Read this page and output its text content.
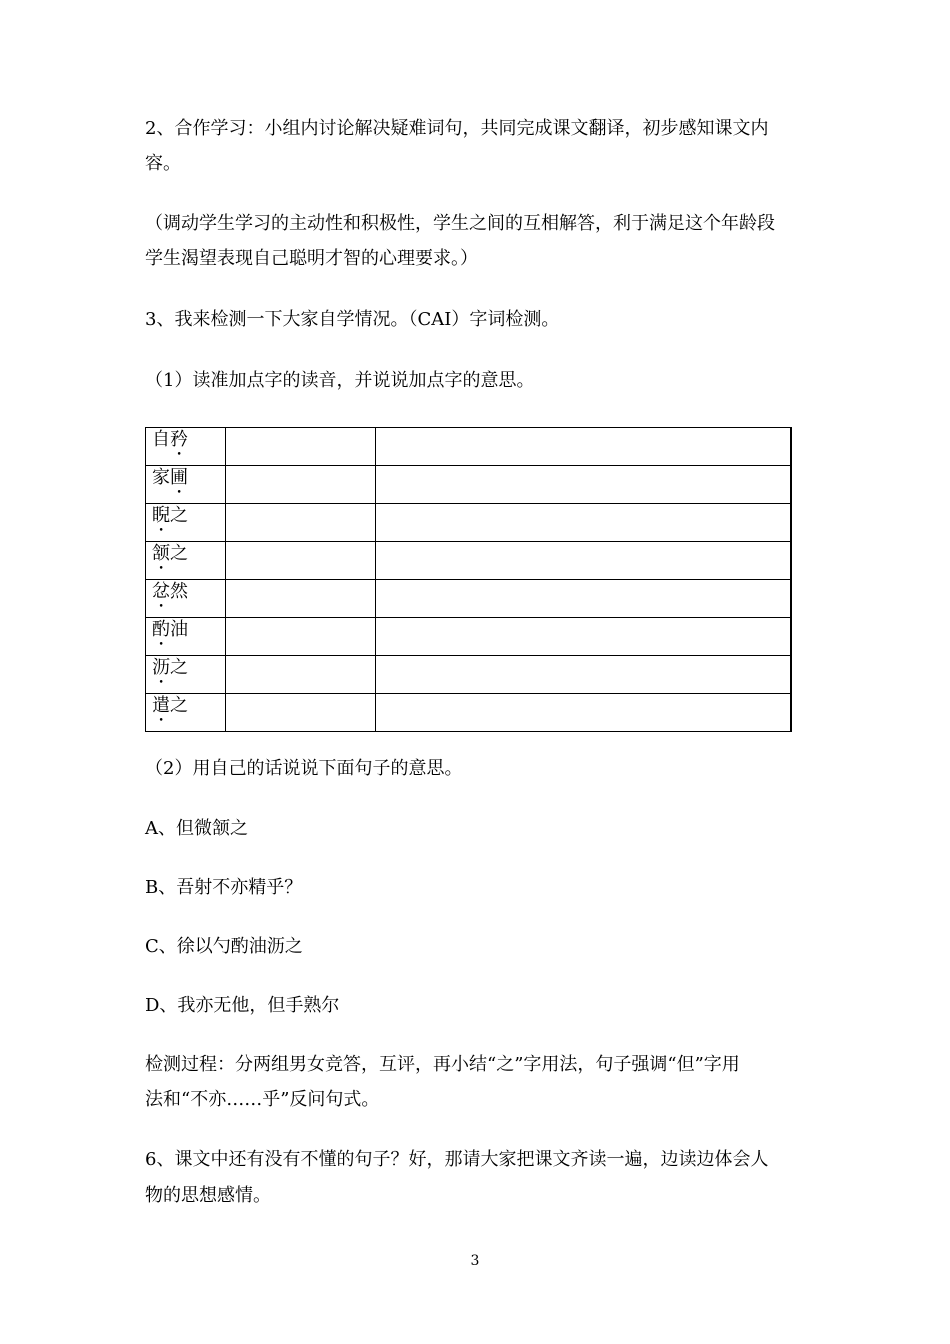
2、合作学习：小组内讨论解决疑难词句，共同完成课文翻译，初步感知课文内

容。

（调动学生学习的主动性和积极性，学生之间的互相解答，利于满足这个年龄段

学生渴望表现自己聪明才智的心理要求。）

3、我来检测一下大家自学情况。（CAI）字词检测。

（1）读准加点字的读音，并说说加点字的意思。

自矜		
家圃		
睨之		
颔之		
忿然		
酌油		
沥之		
遣之		

（2）用自己的话说说下面句子的意思。

A、但微颔之

B、吾射不亦精乎？

C、徐以勺酌油沥之

D、我亦无他，但手熟尔

检测过程：分两组男女竞答，互评，再小结“之”字用法，句子强调“但”字用

法和“不亦……乎”反问句式。

6、课文中还有没有不懂的句子？好，那请大家把课文齐读一遍，边读边体会人

物的思想感情。

3
